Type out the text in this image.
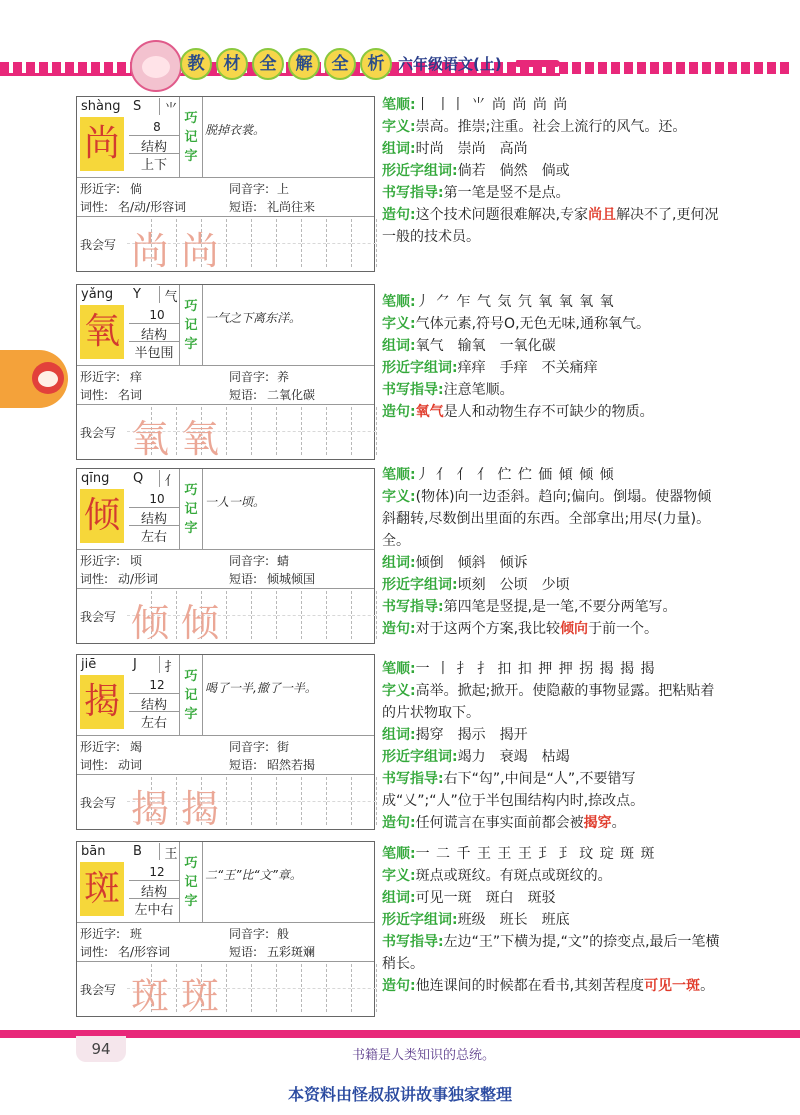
教	材	全	解	全	析 六年级语文(上)
shàng S	⺌
尚	8
结构
上下
巧
记
字
脱掉衣裳。
形近字: 倘	同音字: 上
词性: 名/动/形容词	短语: 礼尚往来
我会写 尚 尚

笔顺:丨 丨丨 ⺌ 尚 尚 尚 尚

字义:崇高。推崇;注重。社会上流行的风气。还。

组词:时尚　崇尚　高尚

形近字组词:倘若　倘然　倘或

书写指导:第一笔是竖不是点。

造句:这个技术问题很难解决,专家尚且解决不了,更何况一般的技术员。

yǎng Y	气
氧	10
结构
半包围
巧
记
字
一气之下离东洋。
形近字: 痒	同音字: 养
词性: 名词	短语: 二氧化碳
我会写 氧 氧

笔顺:丿 ⺈ 乍 气 気 氕 氧 氧 氧 氧

字义:气体元素,符号O,无色无味,通称氧气。

组词:氧气　输氧　一氧化碳

形近字组词:痒痒　手痒　不关痛痒

书写指导:注意笔顺。

造句:氧气是人和动物生存不可缺少的物质。

qīng Q	亻
倾	10
结构
左右
巧
记
字
一人一顷。
形近字: 顷	同音字: 蜻
词性: 动/形词	短语: 倾城倾国
我会写 倾 倾

笔顺:丿 亻 亻 亻 伫 伫 価 傾 倾 倾

字义:(物体)向一边歪斜。趋向;偏向。倒塌。使器物倾斜翻转,尽数倒出里面的东西。全部拿出;用尽(力量)。全。

组词:倾倒　倾斜　倾诉

形近字组词:顷刻　公顷　少顷

书写指导:第四笔是竖提,是一笔,不要分两笔写。

造句:对于这两个方案,我比较倾向于前一个。

jiē	J	扌
揭	12
结构
左右
巧
记
字
喝了一半,撤了一半。
形近字: 竭	同音字: 街
词性: 动词	短语: 昭然若揭
我会写 揭 揭

笔顺:一 丨 扌 扌 扣 扣 押 押 拐 揭 揭 揭

字义:高举。掀起;掀开。使隐蔽的事物显露。把粘贴着的片状物取下。

组词:揭穿　揭示　揭开

形近字组词:竭力　衰竭　枯竭

书写指导:右下“匃”,中间是“人”,不要错写成“乂”;“人”位于半包围结构内时,捺改点。

造句:任何谎言在事实面前都会被揭穿。

bān B	王
斑	12
结构
左中右
巧
记
字
二“王”比“文”章。
形近字: 班	同音字: 般
词性: 名/形容词	短语: 五彩斑斓
我会写 斑 斑

笔顺:一 二 千 王 王 王 𤣩 𤣩 玟 琔 斑 斑

字义:斑点或斑纹。有斑点或斑纹的。

组词:可见一斑　斑白　斑驳

形近字组词:班级　班长　班底

书写指导:左边“王”下横为提,“文”的捺变点,最后一笔横稍长。

造句:他连课间的时候都在看书,其刻苦程度可见一斑。

94	书籍是人类知识的总统。
本资料由怪叔叔讲故事独家整理
